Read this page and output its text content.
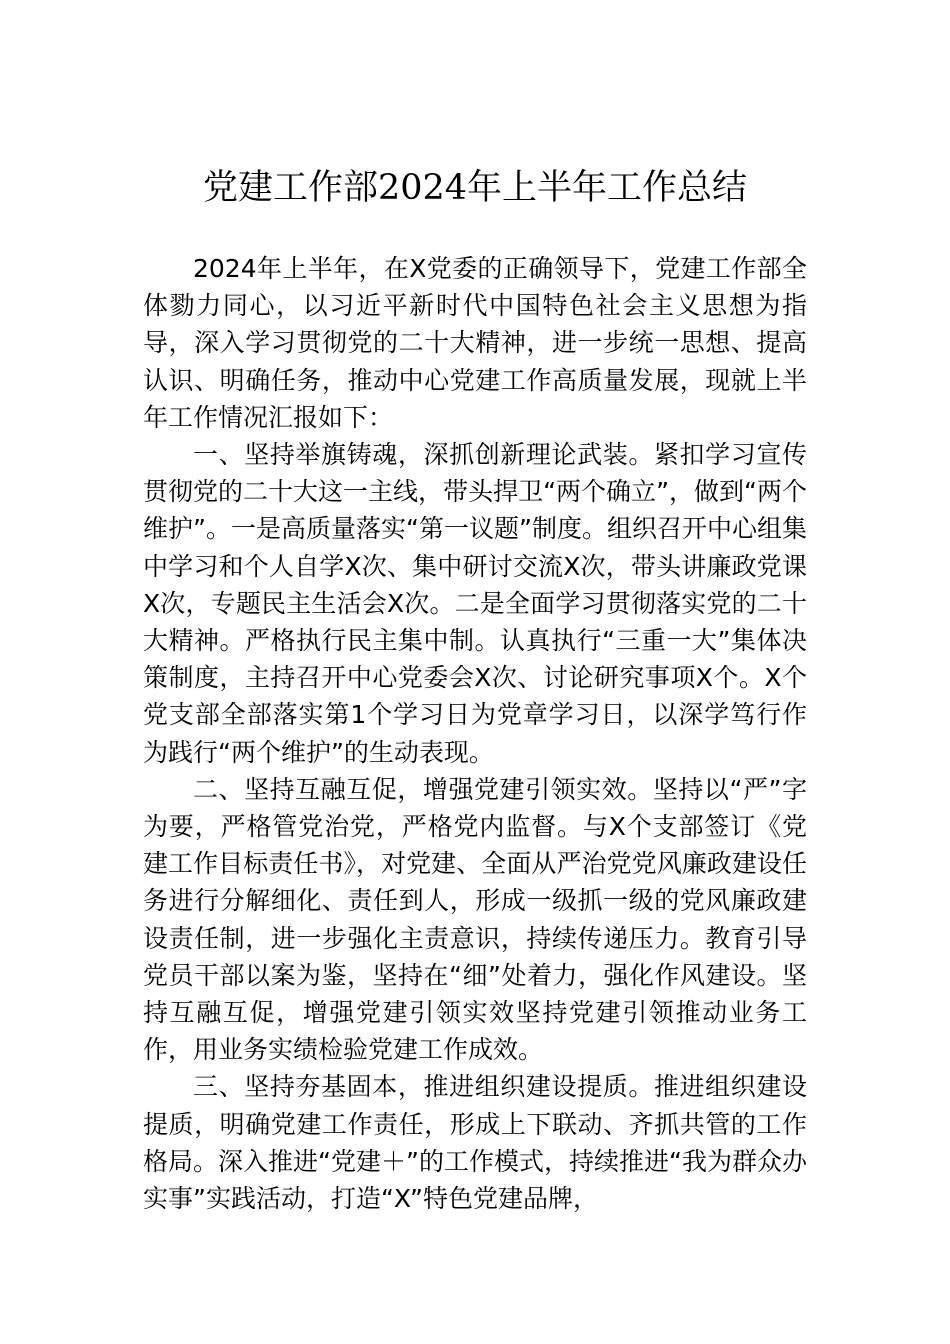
党建工作部2024年上半年工作总结

2024年上半年，在X党委的正确领导下，党建工作部全体勠力同心，以习近平新时代中国特色社会主义思想为指导，深入学习贯彻党的二十大精神，进一步统一思想、提高认识、明确任务，推动中心党建工作高质量发展，现就上半年工作情况汇报如下：

一、坚持举旗铸魂，深抓创新理论武装。紧扣学习宣传贯彻党的二十大这一主线，带头捍卫“两个确立”，做到“两个维护”。一是高质量落实“第一议题”制度。组织召开中心组集中学习和个人自学X次、集中研讨交流X次，带头讲廉政党课X次，专题民主生活会X次。二是全面学习贯彻落实党的二十大精神。严格执行民主集中制。认真执行“三重一大”集体决策制度，主持召开中心党委会X次、讨论研究事项X个。X个党支部全部落实第1个学习日为党章学习日，以深学笃行作为践行“两个维护”的生动表现。

二、坚持互融互促，增强党建引领实效。坚持以“严”字为要，严格管党治党，严格党内监督。与X个支部签订《党建工作目标责任书》，对党建、全面从严治党党风廉政建设任务进行分解细化、责任到人，形成一级抓一级的党风廉政建设责任制，进一步强化主责意识，持续传递压力。教育引导党员干部以案为鉴，坚持在“细”处着力，强化作风建设。坚持互融互促，增强党建引领实效坚持党建引领推动业务工作，用业务实绩检验党建工作成效。

三、坚持夯基固本，推进组织建设提质。推进组织建设提质，明确党建工作责任，形成上下联动、齐抓共管的工作格局。深入推进“党建＋”的工作模式，持续推进“我为群众办实事”实践活动，打造“X”特色党建品牌，
